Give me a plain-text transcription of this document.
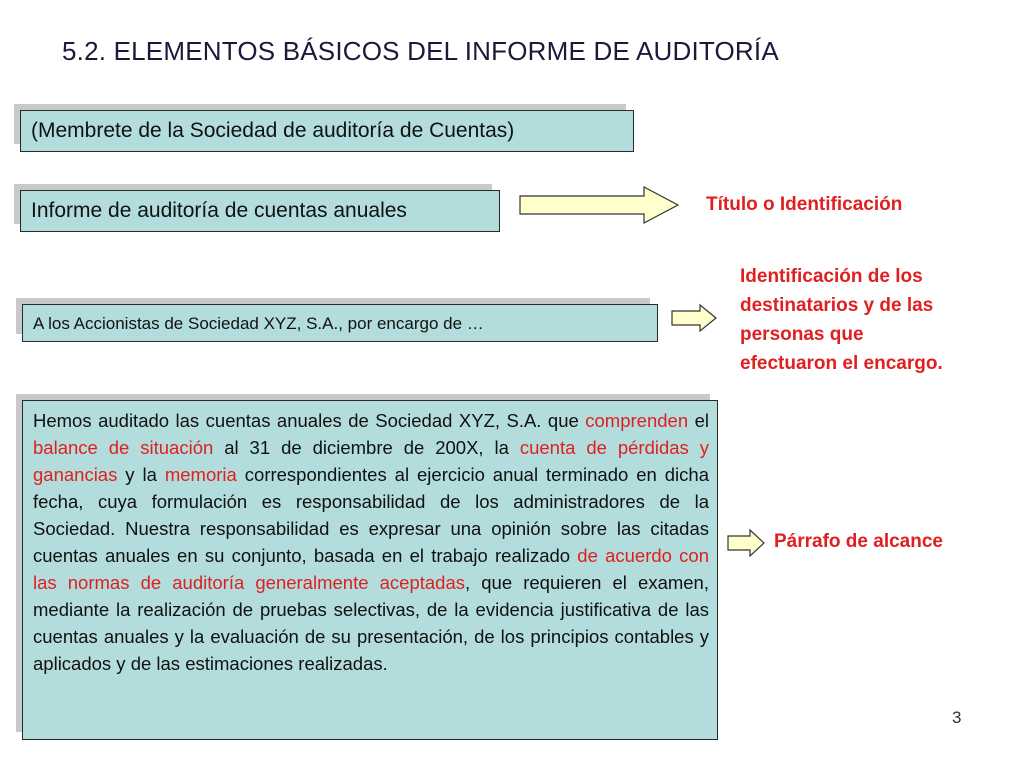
5.2. ELEMENTOS BÁSICOS DEL INFORME DE AUDITORÍA
(Membrete de la Sociedad de auditoría de Cuentas)
Informe de auditoría de cuentas anuales	Título o Identificación
A los Accionistas de Sociedad XYZ, S.A., por encargo de …
Identificación de los
destinatarios y de las
personas que
efectuaron el encargo.
Hemos auditado las cuentas anuales de Sociedad XYZ, S.A. que comprenden el balance de situación al 31 de diciembre de 200X, la cuenta de pérdidas y ganancias y la memoria correspondientes al ejercicio anual terminado en dicha fecha, cuya formulación es responsabilidad de los administradores de la Sociedad. Nuestra responsabilidad es expresar una opinión sobre las citadas cuentas anuales en su conjunto, basada en el trabajo realizado de acuerdo con las normas de auditoría generalmente aceptadas, que requieren el examen, mediante la realización de pruebas selectivas, de la evidencia justificativa de las cuentas anuales y la evaluación de su presentación, de los principios contables y aplicados y de las estimaciones realizadas.
Párrafo de alcance
3
